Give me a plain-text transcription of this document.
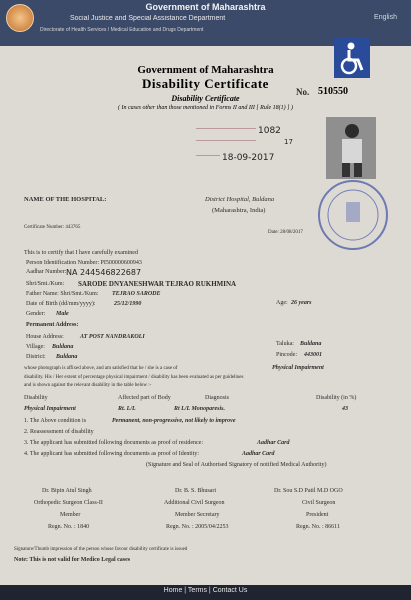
Government of Maharashtra
Social Justice and Special Assistance Department
Directorate of Health Services / Medical Education and Drugs Department
English
Government of Maharashtra
Disability Certificate
Disability Certificate
( In cases other than those mentioned in Forms II and III [ Rule 18(1) ] )
No. 510550
1082
17
18-09-2017
NAME OF THE HOSPITAL:	District Hospital, Buldana
(Maharashtra, India)
Certificate Number: 443765
Date: 28/08/2017
This is to certify that I have carefully examined
Person Identification Number: PI500000600943
Aadhar Number: NA 244546822687
Shri/Smt./Kum: SARODE DNYANESHWAR TEJRAO RUKHMINA
Father Name: Shri/Smt./Kum: TEJRAO SARODE
Date of Birth (dd/mm/yyyy):	25/12/1990	Age: 26 years
Gender: Male
Permanent Address:
House Address:	AT POST NANDRAKOLI
Village: Buldana	Taluka: Buldana
District: Buldana	Pincode: 443001
whose photograph is affixed above, and am satisfied that he / she is a case of	Physical Impairment
disability. His / Her extent of percentage physical impairment / disability has been evaluated as per guidelines
and is shown against the relevant disability in the table below :-
Disability	Affected part of Body	Diagnosis	Disability (in %)
Physical Impairment	Rt. L/L	Rt L/L Monoparesis.	43
1. The Above condition is	Permanent, non-progressive, not likely to improve
2. Reassessment of disability
3. The applicant has submitted following documents as proof of residence:	Aadhar Card
4. The applicant has submitted following documents as proof of Identity:	Aadhar Card
(Signature and Seal of Authorised Signatory of notified Medical Authority)
Dr. Bipin Atul Singh
Orthopedic Surgeon Class-II
Member
Regn. No. : 1840
Dr. B. S. Bhusari
Additional Civil Surgeon
Member Secretary
Regn. No. : 2005/04/2253
Dr. Sou S.D Patil M.D OGO
Civil Surgeon
President
Regn. No. : 86611
Signature/Thumb impression of the person whose favour disability certificate is issued
Note: This is not valid for Medico Legal cases
Home | Terms | Contact Us
